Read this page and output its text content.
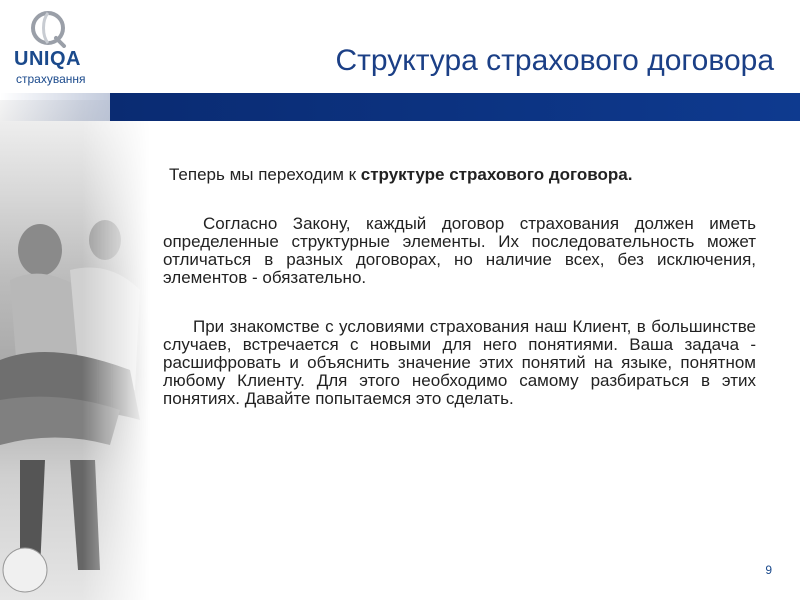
UNIQA
страхування
Структура страхового договора

Теперь мы переходим к структуре страхового договора.

Согласно Закону, каждый договор страхования должен иметь определенные структурные элементы. Их последовательность может отличаться в разных договорах, но наличие всех, без исключения, элементов - обязательно.

При знакомстве с условиями страхования наш Клиент, в большинстве случаев, встречается с новыми для него понятиями. Ваша задача - расшифровать и объяснить значение этих понятий на языке, понятном любому Клиенту. Для этого необходимо самому разбираться в этих понятиях. Давайте попытаемся это сделать.

9
